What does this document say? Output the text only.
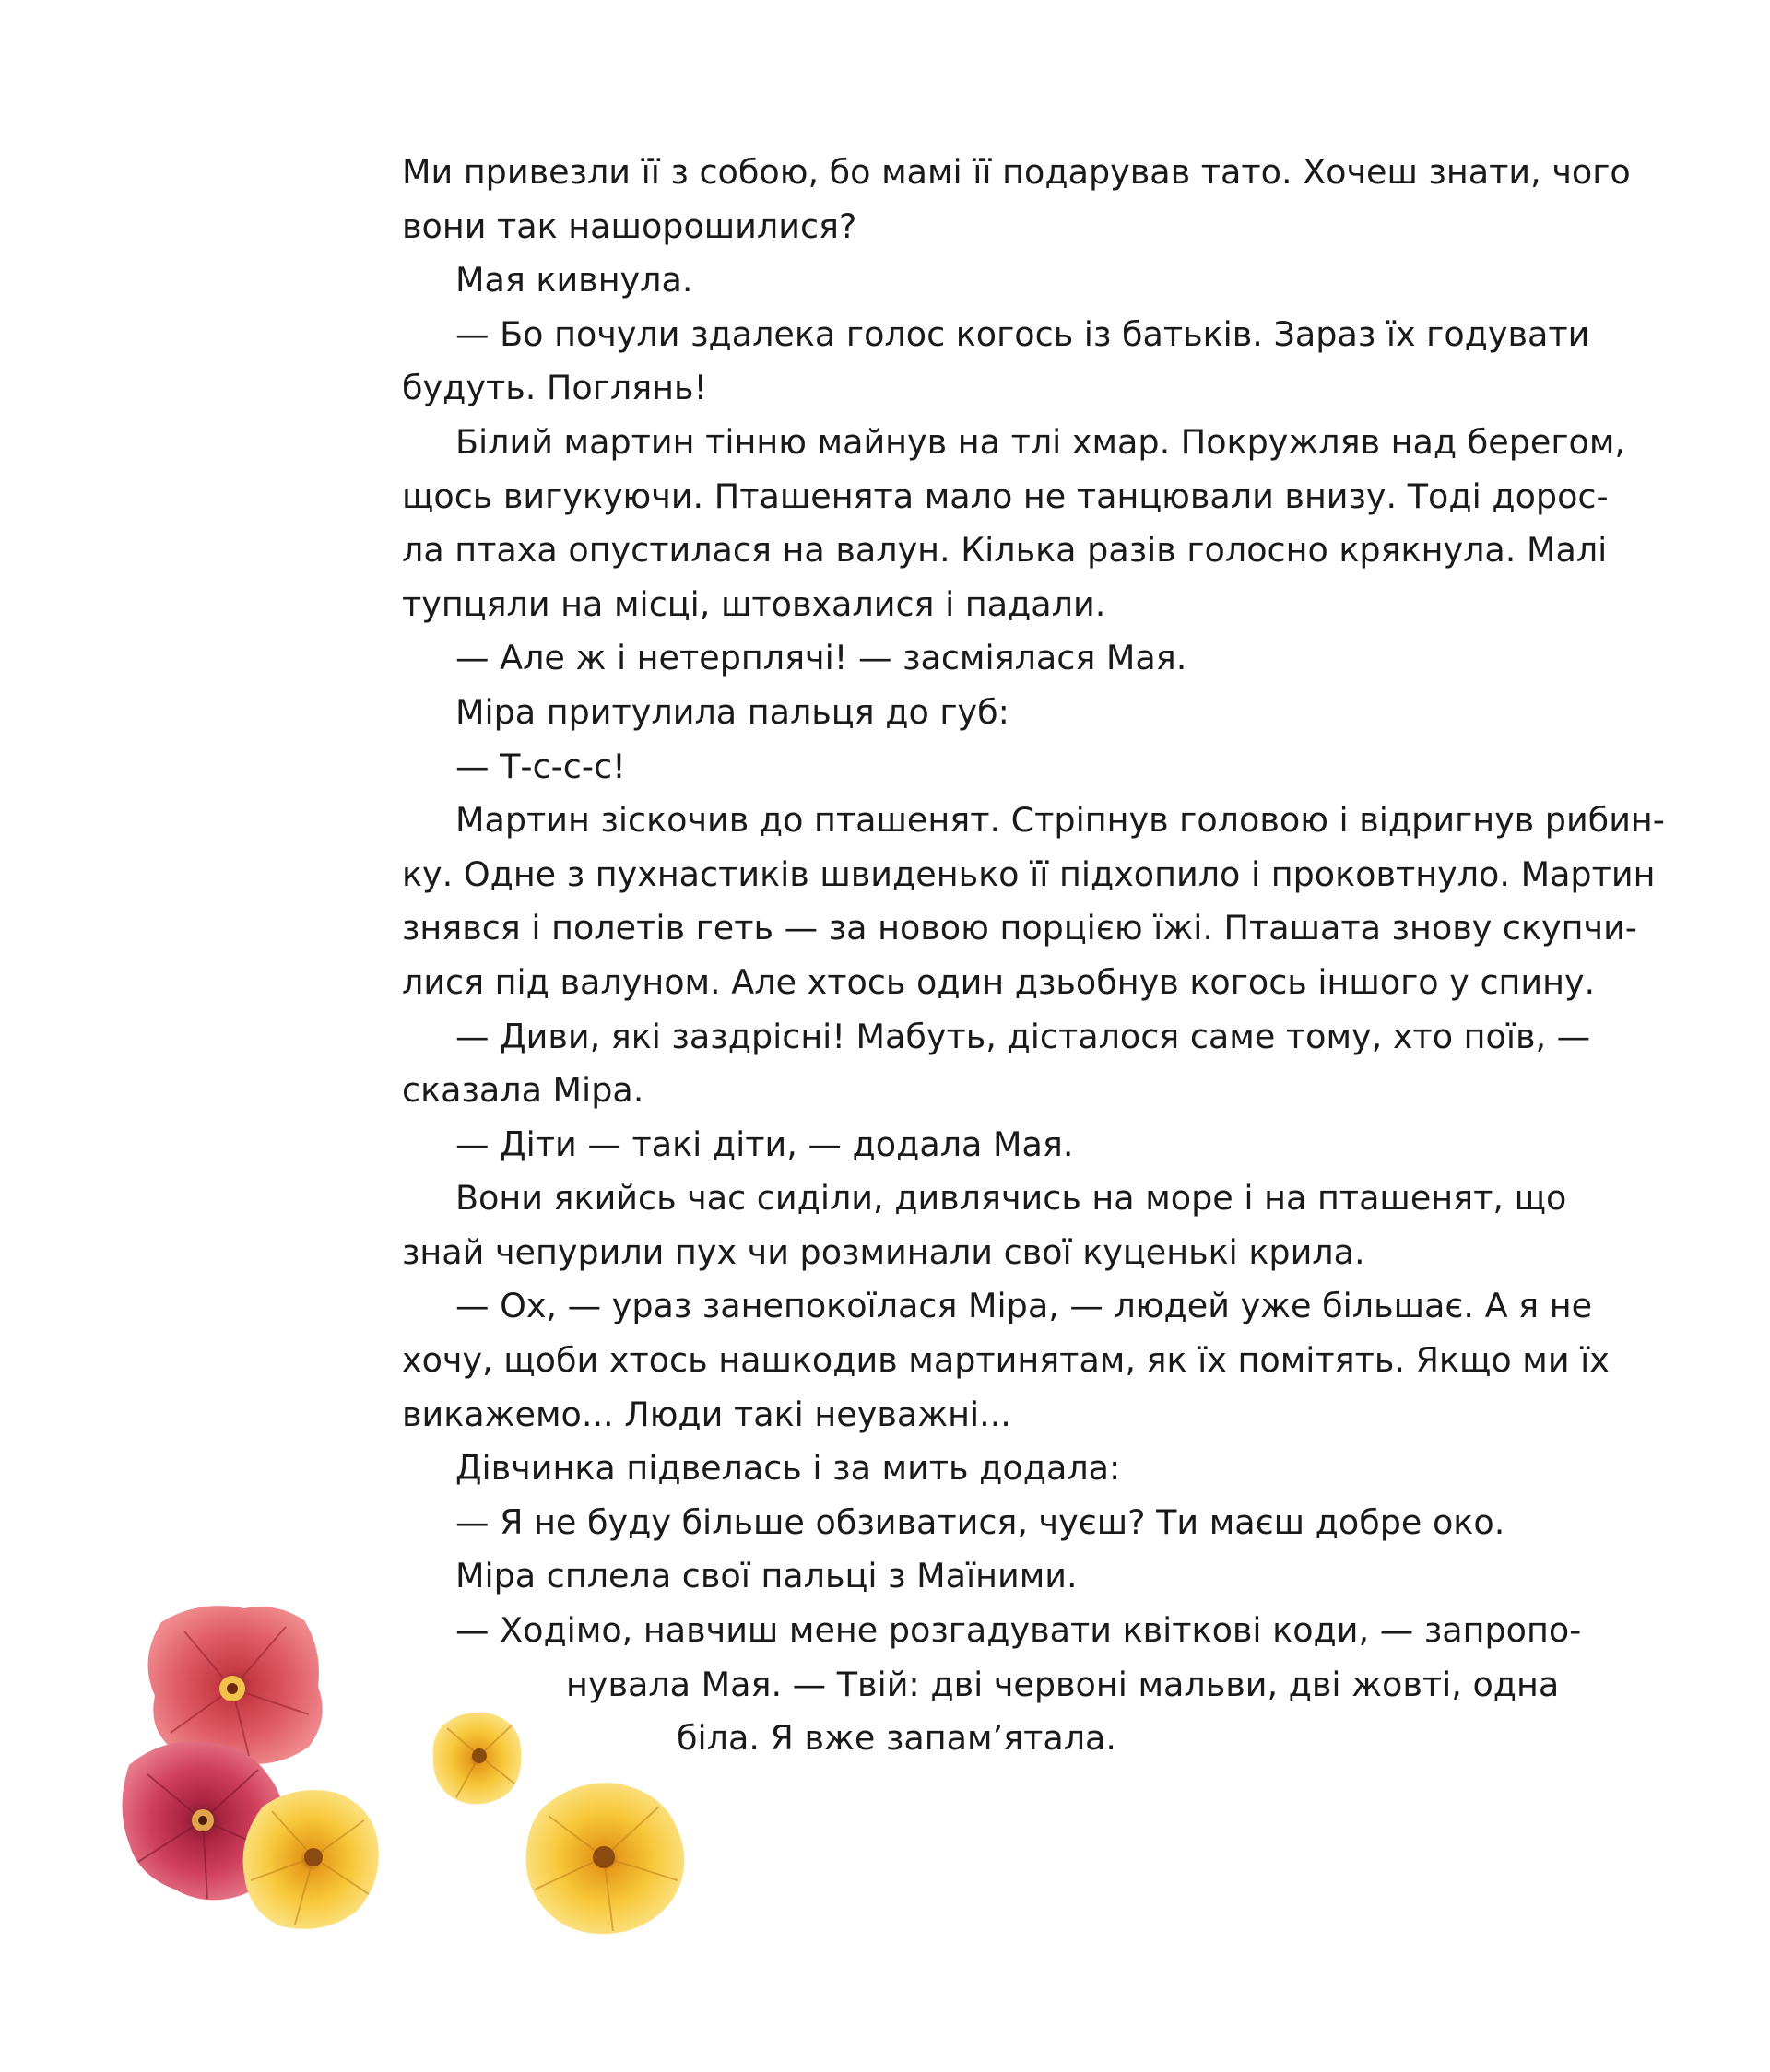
Ми привезли її з собою, бо мамі її подарував тато. Хочеш знати, чого
вони так нашорошилися?
Мая кивнула.
— Бо почули здалека голос когось із батьків. Зараз їх годувати
будуть. Поглянь!
Білий мартин тінню майнув на тлі хмар. Покружляв над берегом,
щось вигукуючи. Пташенята мало не танцювали внизу. Тоді дорос-
ла птаха опустилася на валун. Кілька разів голосно крякнула. Малі
тупцяли на місці, штовхалися і падали.
— Але ж і нетерплячі! — засміялася Мая.
Міра притулила пальця до губ:
— Т-с-с-с!
Мартин зіскочив до пташенят. Стріпнув головою і відригнув рибин-
ку. Одне з пухнастиків швиденько її підхопило і проковтнуло. Мартин
знявся і полетів геть — за новою порцією їжі. Пташата знову скупчи-
лися під валуном. Але хтось один дзьобнув когось іншого у спину.
— Диви, які заздрісні! Мабуть, дісталося саме тому, хто поїв, —
сказала Міра.
— Діти — такі діти, — додала Мая.
Вони якийсь час сиділи, дивлячись на море і на пташенят, що
знай чепурили пух чи розминали свої куценькі крила.
— Ох, — ураз занепокоїлася Міра, — людей уже більшає. А я не
хочу, щоби хтось нашкодив мартинятам, як їх помітять. Якщо ми їх
викажемо... Люди такі неуважні...
Дівчинка підвелась і за мить додала:
— Я не буду більше обзиватися, чуєш? Ти маєш добре око.
Міра сплела свої пальці з Маїними.
— Ходімо, навчиш мене розгадувати квіткові коди, — запропо-
нувала Мая. — Твій: дві червоні мальви, дві жовті, одна
біла. Я вже запам’ятала.
